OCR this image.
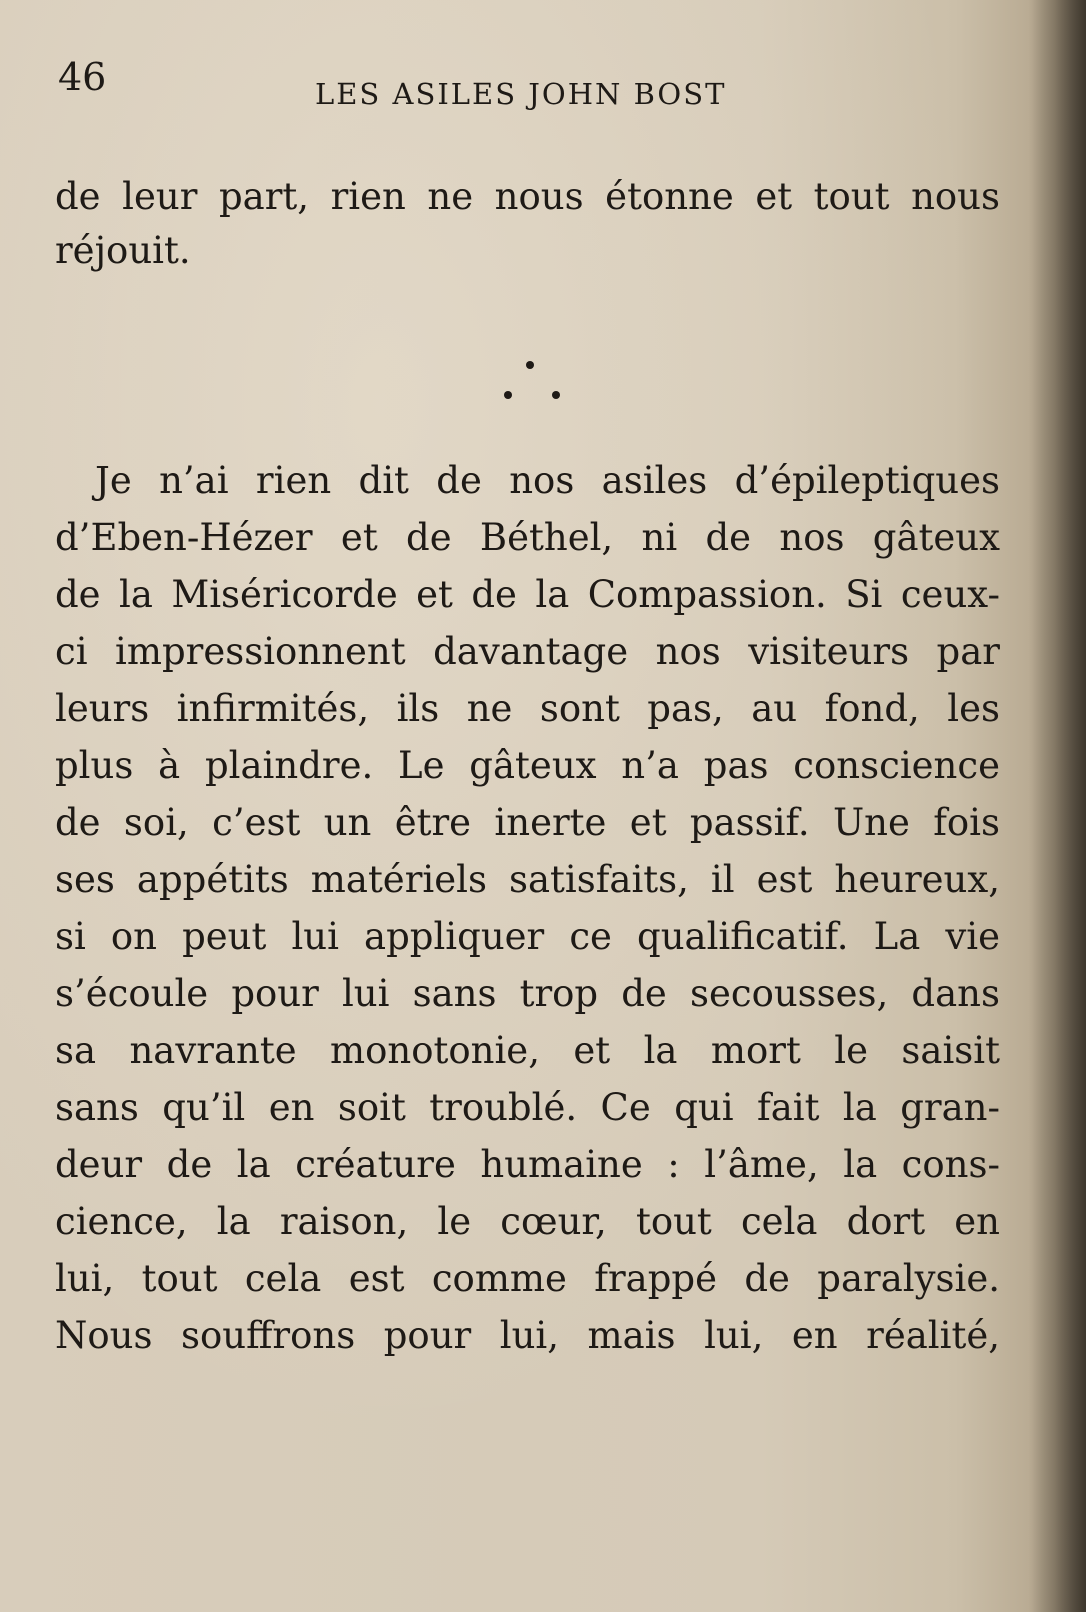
46	LES ASILES JOHN BOST
de leur part, rien ne nous étonne et tout nous
réjouit.
Je n’ai rien dit de nos asiles d’épileptiques
d’Eben-Hézer et de Béthel, ni de nos gâteux
de la Miséricorde et de la Compassion. Si ceux-
ci impressionnent davantage nos visiteurs par
leurs infirmités, ils ne sont pas, au fond, les
plus à plaindre. Le gâteux n’a pas conscience
de soi, c’est un être inerte et passif. Une fois
ses appétits matériels satisfaits, il est heureux,
si on peut lui appliquer ce qualificatif. La vie
s’écoule pour lui sans trop de secousses, dans
sa navrante monotonie, et la mort le saisit
sans qu’il en soit troublé. Ce qui fait la gran-
deur de la créature humaine : l’âme, la cons-
cience, la raison, le cœur, tout cela dort en
lui, tout cela est comme frappé de paralysie.
Nous souffrons pour lui, mais lui, en réalité,
